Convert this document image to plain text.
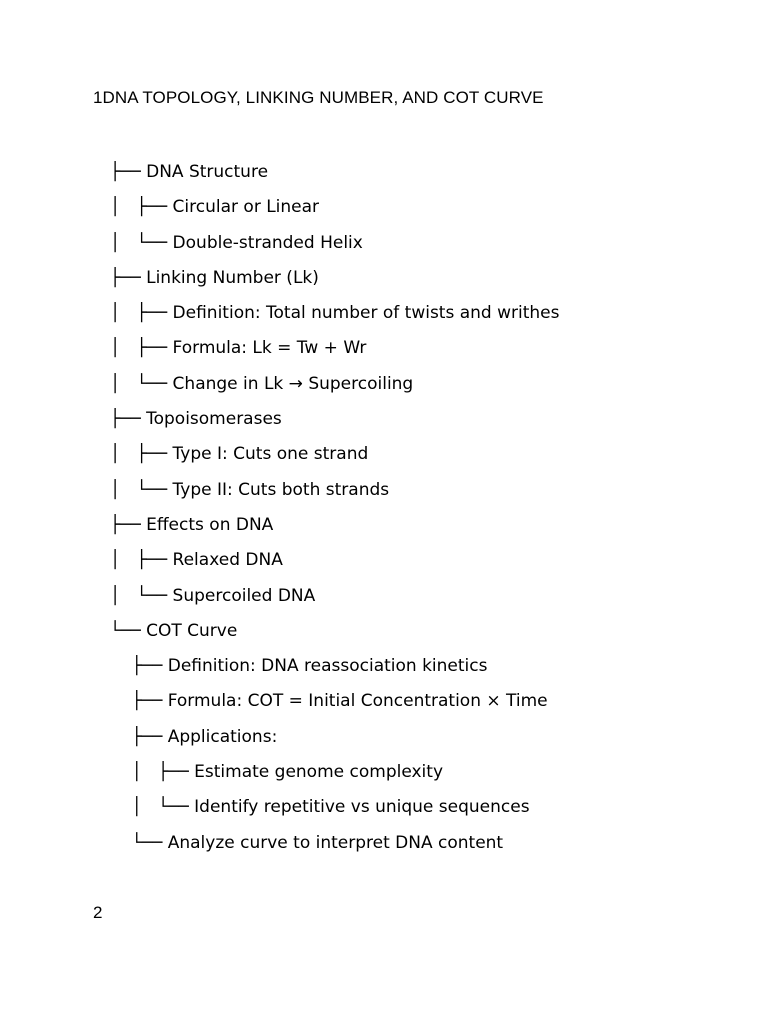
1DNA TOPOLOGY, LINKING NUMBER, AND COT CURVE
├── DNA Structure
│   ├── Circular or Linear
│   └── Double-stranded Helix
├── Linking Number (Lk)
│   ├── Definition: Total number of twists and writhes
│   ├── Formula: Lk = Tw + Wr
│   └── Change in Lk → Supercoiling
├── Topoisomerases
│   ├── Type I: Cuts one strand
│   └── Type II: Cuts both strands
├── Effects on DNA
│   ├── Relaxed DNA
│   └── Supercoiled DNA
└── COT Curve
├── Definition: DNA reassociation kinetics
├── Formula: COT = Initial Concentration × Time
├── Applications:
│   ├── Estimate genome complexity
│   └── Identify repetitive vs unique sequences
└── Analyze curve to interpret DNA content
2
